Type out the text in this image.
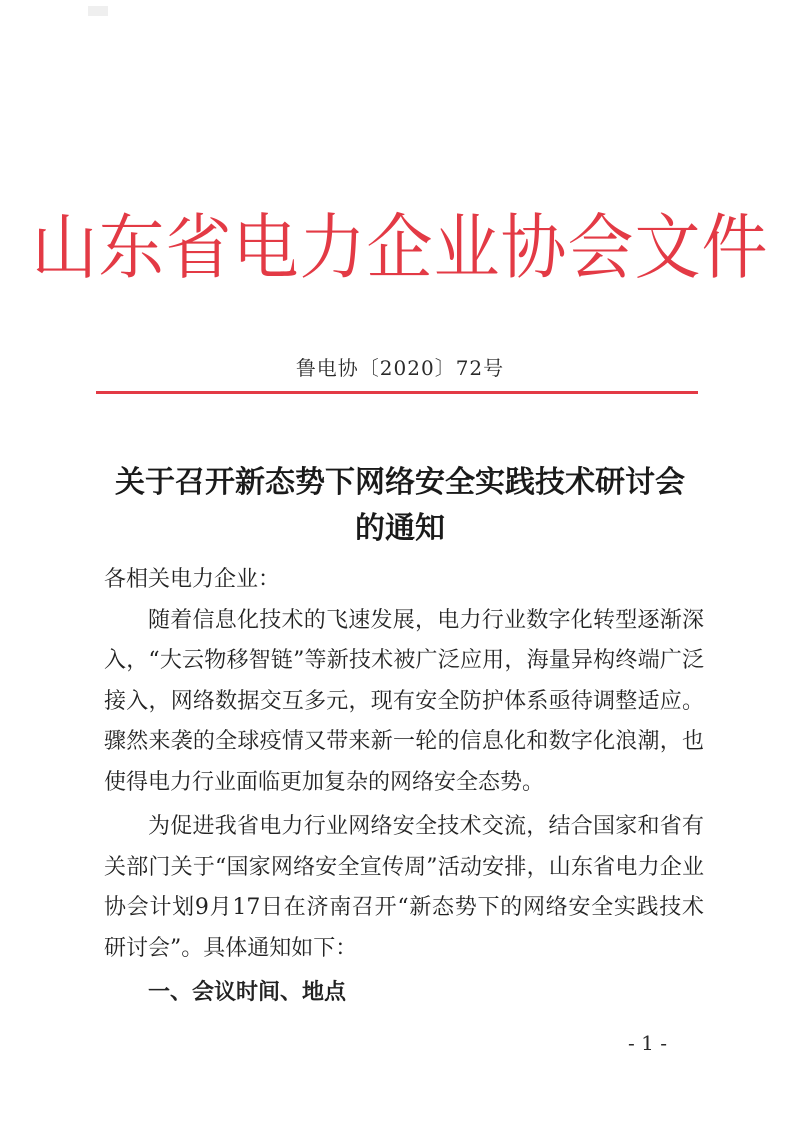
山东省电力企业协会文件
鲁电协〔2020〕72号
关于召开新态势下网络安全实践技术研讨会
的通知

各相关电力企业：

随着信息化技术的飞速发展，电力行业数字化转型逐渐深入，“大云物移智链”等新技术被广泛应用，海量异构终端广泛接入，网络数据交互多元，现有安全防护体系亟待调整适应。骤然来袭的全球疫情又带来新一轮的信息化和数字化浪潮，也使得电力行业面临更加复杂的网络安全态势。

为促进我省电力行业网络安全技术交流，结合国家和省有关部门关于“国家网络安全宣传周”活动安排，山东省电力企业协会计划9月17日在济南召开“新态势下的网络安全实践技术研讨会”。具体通知如下：

一、会议时间、地点

- 1 -
